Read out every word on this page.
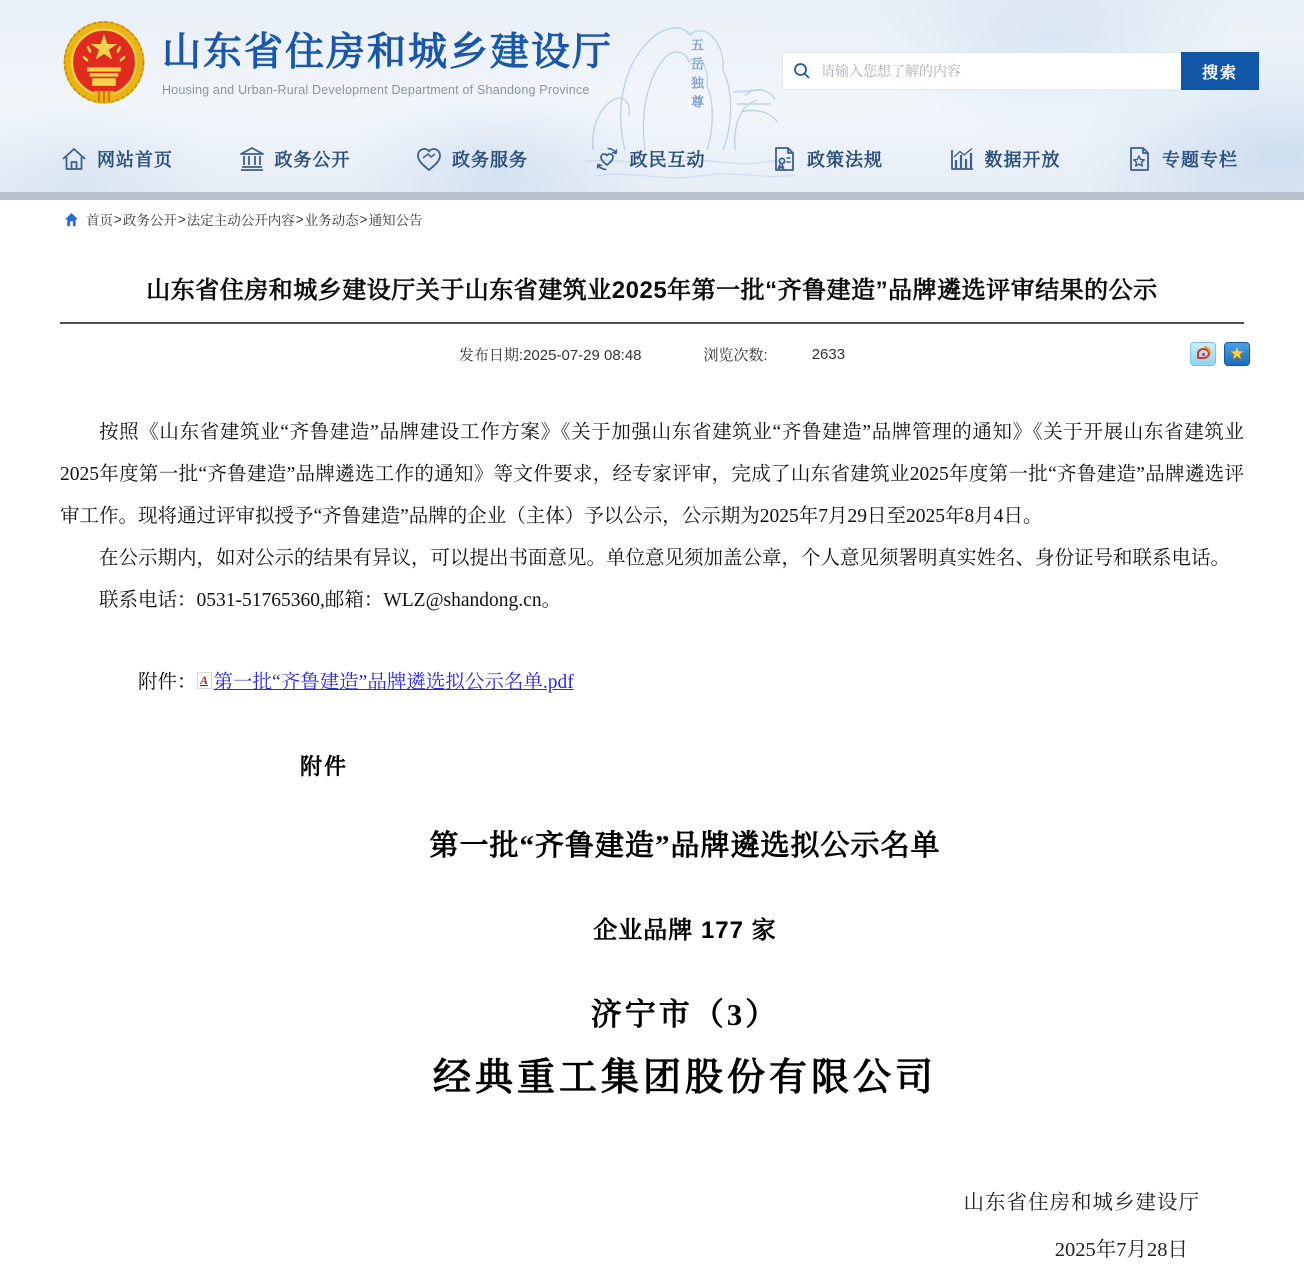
五岳独尊
山东省住房和城乡建设厅
Housing and Urban-Rural Development Department of Shandong Province
请输入您想了解的内容
搜索
网站首页	政务公开	政务服务	政民互动	政策法规	数据开放	专题专栏
首页 > 政务公开 > 法定主动公开内容 > 业务动态 > 通知公告
山东省住房和城乡建设厅关于山东省建筑业2025年第一批“齐鲁建造”品牌遴选评审结果的公示
发布日期:2025-07-29 08:48	浏览次数:	2633	★

按照《山东省建筑业“齐鲁建造”品牌建设工作方案》《关于加强山东省建筑业“齐鲁建造”品牌管理的通知》《关于开展山东省建筑业2025年度第一批“齐鲁建造”品牌遴选工作的通知》等文件要求，经专家评审，完成了山东省建筑业2025年度第一批“齐鲁建造”品牌遴选评审工作。现将通过评审拟授予“齐鲁建造”品牌的企业（主体）予以公示，公示期为2025年7月29日至2025年8月4日。

在公示期内，如对公示的结果有异议，可以提出书面意见。单位意见须加盖公章，个人意见须署明真实姓名、身份证号和联系电话。

联系电话：0531-51765360,邮箱：WLZ@shandong.cn。

附件： A 第一批“齐鲁建造”品牌遴选拟公示名单.pdf
附件
第一批“齐鲁建造”品牌遴选拟公示名单
企业品牌 177 家
济宁市（3）
经典重工集团股份有限公司
山东省住房和城乡建设厅
2025年7月28日
